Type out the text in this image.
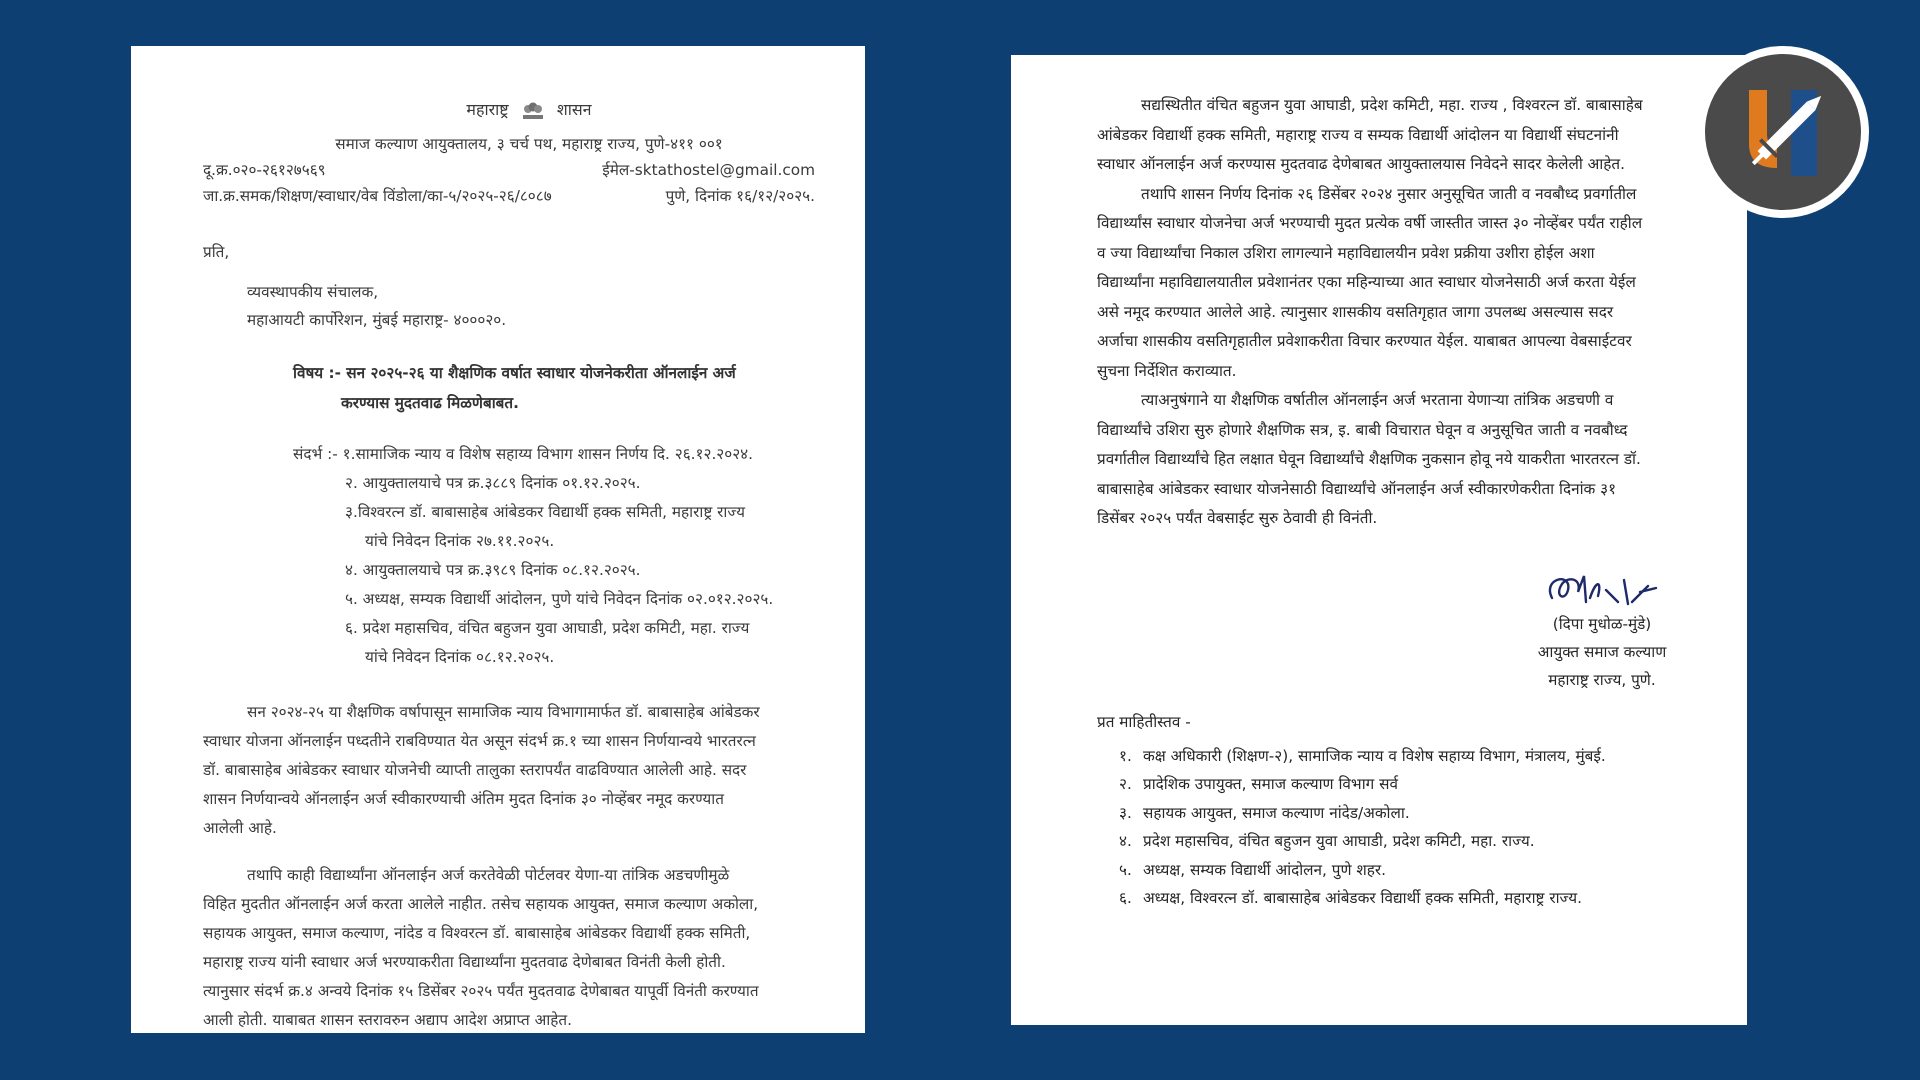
महाराष्ट्र	शासन
समाज कल्याण आयुक्तालय, ३ चर्च पथ, महाराष्ट्र राज्य, पुणे-४११ ००१
दू.क्र.०२०-२६१२७५६९	ईमेल-sktathostel@gmail.com
जा.क्र.समक/शिक्षण/स्वाधार/वेब विंडोला/का-५/२०२५-२६/८०८७	पुणे, दिनांक १६/१२/२०२५.
प्रति,
व्यवस्थापकीय संचालक,
महाआयटी कार्पोरेशन, मुंबई महाराष्ट्र- ४०००२०.
विषय :- सन २०२५-२६ या शैक्षणिक वर्षात स्वाधार योजनेकरीता ऑनलाईन अर्ज
करण्यास मुदतवाढ मिळणेबाबत.
संदर्भ :- १.सामाजिक न्याय व विशेष सहाय्य विभाग शासन निर्णय दि. २६.१२.२०२४.
२. आयुक्तालयाचे पत्र क्र.३८८९ दिनांक ०१.१२.२०२५.
३.विश्वरत्न डॉ. बाबासाहेब आंबेडकर विद्यार्थी हक्क समिती, महाराष्ट्र राज्य
यांचे निवेदन दिनांक २७.११.२०२५.
४. आयुक्तालयाचे पत्र क्र.३९८९ दिनांक ०८.१२.२०२५.
५. अध्यक्ष, सम्यक विद्यार्थी आंदोलन, पुणे यांचे निवेदन दिनांक ०२.०१२.२०२५.
६. प्रदेश महासचिव, वंचित बहुजन युवा आघाडी, प्रदेश कमिटी, महा. राज्य
यांचे निवेदन दिनांक ०८.१२.२०२५.
सन २०२४-२५ या शैक्षणिक वर्षापासून सामाजिक न्याय विभागामार्फत डॉ. बाबासाहेब आंबेडकर
स्वाधार योजना ऑनलाईन पध्दतीने राबविण्यात येत असून संदर्भ क्र.१ च्या शासन निर्णयान्वये भारतरत्न
डॉ. बाबासाहेब आंबेडकर स्वाधार योजनेची व्याप्ती तालुका स्तरापर्यंत वाढविण्यात आलेली आहे. सदर
शासन निर्णयान्वये ऑनलाईन अर्ज स्वीकारण्याची अंतिम मुदत दिनांक ३० नोव्हेंबर नमूद करण्यात
आलेली आहे.
तथापि काही विद्यार्थ्यांना ऑनलाईन अर्ज करतेवेळी पोर्टलवर येणा-या तांत्रिक अडचणीमुळे
विहित मुदतीत ऑनलाईन अर्ज करता आलेले नाहीत. तसेच सहायक आयुक्त, समाज कल्याण अकोला,
सहायक आयुक्त, समाज कल्याण, नांदेड व विश्वरत्न डॉ. बाबासाहेब आंबेडकर विद्यार्थी हक्क समिती,
महाराष्ट्र राज्य यांनी स्वाधार अर्ज भरण्याकरीता विद्यार्थ्यांना मुदतवाढ देणेबाबत विनंती केली होती.
त्यानुसार संदर्भ क्र.४ अन्वये दिनांक १५ डिसेंबर २०२५ पर्यंत मुदतवाढ देणेबाबत यापूर्वी विनंती करण्यात
आली होती. याबाबत शासन स्तरावरुन अद्याप आदेश अप्राप्त आहेत.
सद्यस्थितीत वंचित बहुजन युवा आघाडी, प्रदेश कमिटी, महा. राज्य , विश्वरत्न डॉ. बाबासाहेब
आंबेडकर विद्यार्थी हक्क समिती, महाराष्ट्र राज्य व सम्यक विद्यार्थी आंदोलन या विद्यार्थी संघटनांनी
स्वाधार ऑनलाईन अर्ज करण्यास मुदतवाढ देणेबाबत आयुक्तालयास निवेदने सादर केलेली आहेत.
तथापि शासन निर्णय दिनांक २६ डिसेंबर २०२४ नुसार अनुसूचित जाती व नवबौध्द प्रवर्गातील
विद्यार्थ्यांस स्वाधार योजनेचा अर्ज भरण्याची मुदत प्रत्येक वर्षी जास्तीत जास्त ३० नोव्हेंबर पर्यंत राहील
व ज्या विद्यार्थ्यांचा निकाल उशिरा लागल्याने महाविद्यालयीन प्रवेश प्रक्रीया उशीरा होईल अशा
विद्यार्थ्यांना महाविद्यालयातील प्रवेशानंतर एका महिन्याच्या आत स्वाधार योजनेसाठी अर्ज करता येईल
असे नमूद करण्यात आलेले आहे. त्यानुसार शासकीय वसतिगृहात जागा उपलब्ध असल्यास सदर
अर्जाचा शासकीय वसतिगृहातील प्रवेशाकरीता विचार करण्यात येईल. याबाबत आपल्या वेबसाईटवर
सुचना निर्देशित कराव्यात.
त्याअनुषंगाने या शैक्षणिक वर्षातील ऑनलाईन अर्ज भरताना येणाऱ्या तांत्रिक अडचणी व
विद्यार्थ्यांचे उशिरा सुरु होणारे शैक्षणिक सत्र, इ. बाबी विचारात घेवून व अनुसूचित जाती व नवबौध्द
प्रवर्गातील विद्यार्थ्यांचे हित लक्षात घेवून विद्यार्थ्यांचे शैक्षणिक नुकसान होवू नये याकरीता भारतरत्न डॉ.
बाबासाहेब आंबेडकर स्वाधार योजनेसाठी विद्यार्थ्यांचे ऑनलाईन अर्ज स्वीकारणेकरीता दिनांक ३१
डिसेंबर २०२५ पर्यंत वेबसाईट सुरु ठेवावी ही विनंती.
(दिपा मुधोळ-मुंडे)
आयुक्त समाज कल्याण
महाराष्ट्र राज्य, पुणे.
प्रत माहितीस्तव -
१. कक्ष अधिकारी (शिक्षण-२), सामाजिक न्याय व विशेष सहाय्य विभाग, मंत्रालय, मुंबई.
२. प्रादेशिक उपायुक्त, समाज कल्याण विभाग सर्व
३. सहायक आयुक्त, समाज कल्याण नांदेड/अकोला.
४. प्रदेश महासचिव, वंचित बहुजन युवा आघाडी, प्रदेश कमिटी, महा. राज्य.
५. अध्यक्ष, सम्यक विद्यार्थी आंदोलन, पुणे शहर.
६. अध्यक्ष, विश्वरत्न डॉ. बाबासाहेब आंबेडकर विद्यार्थी हक्क समिती, महाराष्ट्र राज्य.
